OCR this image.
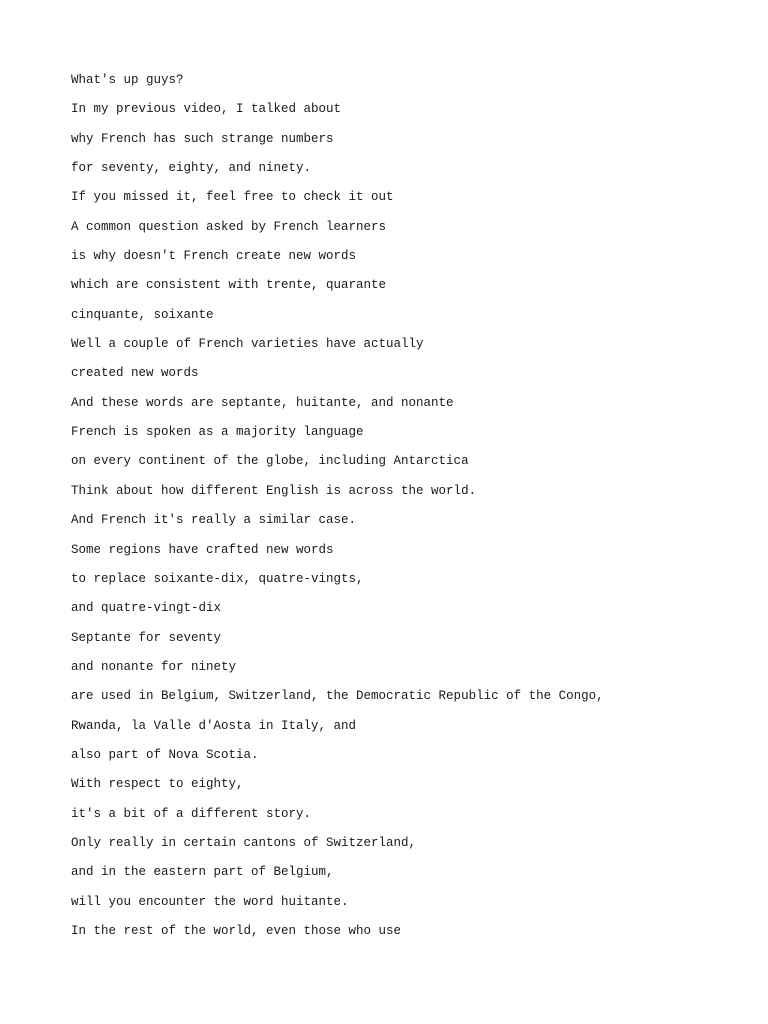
What's up guys?
In my previous video, I talked about
why French has such strange numbers
for seventy, eighty, and ninety.
If you missed it, feel free to check it out
A common question asked by French learners
is why doesn't French create new words
which are consistent with trente, quarante
cinquante, soixante
Well a couple of French varieties have actually
created new words
And these words are septante, huitante, and nonante
French is spoken as a majority language
on every continent of the globe, including Antarctica
Think about how different English is across the world.
And French it's really a similar case.
Some regions have crafted new words
to replace soixante-dix, quatre-vingts,
and quatre-vingt-dix
Septante for seventy
and nonante for ninety
are used in Belgium, Switzerland, the Democratic Republic of the Congo,
Rwanda, la Valle d'Aosta in Italy, and
also part of Nova Scotia.
With respect to eighty,
it's a bit of a different story.
Only really in certain cantons of Switzerland,
and in the eastern part of Belgium,
will you encounter the word huitante.
In the rest of the world, even those who use
